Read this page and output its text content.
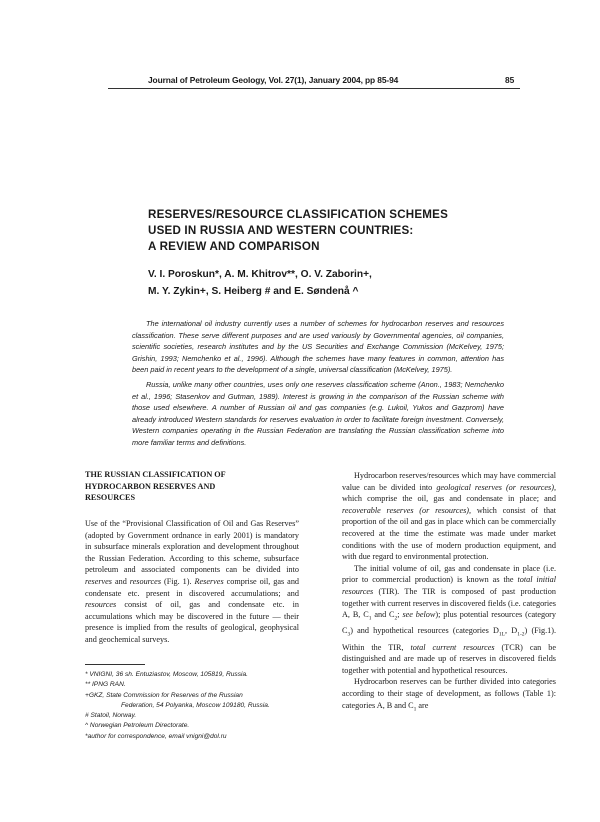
Journal of Petroleum Geology, Vol. 27(1), January 2004, pp 85-94	85
RESERVES/RESOURCE CLASSIFICATION SCHEMES
USED IN RUSSIA AND WESTERN COUNTRIES:
A REVIEW AND COMPARISON
V. I. Poroskun*, A. M. Khitrov**, O. V. Zaborin+,
M. Y. Zykin+, S. Heiberg # and E. Søndenå ^
The international oil industry currently uses a number of schemes for hydrocarbon reserves and resources classification. These serve different purposes and are used variously by Governmental agencies, oil companies, scientific societies, research institutes and by the US Securities and Exchange Commission (McKelvey, 1975; Grishin, 1993; Nemchenko et al., 1996). Although the schemes have many features in common, attention has been paid in recent years to the development of a single, universal classification (McKelvey, 1975).
Russia, unlike many other countries, uses only one reserves classification scheme (Anon., 1983; Nemchenko et al., 1996; Stasenkov and Gutman, 1989). Interest is growing in the comparison of the Russian scheme with those used elsewhere. A number of Russian oil and gas companies (e.g. Lukoil, Yukos and Gazprom) have already introduced Western standards for reserves evaluation in order to facilitate foreign investment. Conversely, Western companies operating in the Russian Federation are translating the Russian classification scheme into more familiar terms and definitions.
THE RUSSIAN CLASSIFICATION OF
HYDROCARBON RESERVES AND
RESOURCES

Use of the “Provisional Classification of Oil and Gas Reserves” (adopted by Government ordnance in early 2001) is mandatory in subsurface minerals exploration and development throughout the Russian Federation. According to this scheme, subsurface petroleum and associated components can be divided into reserves and resources (Fig. 1). Reserves comprise oil, gas and condensate etc. present in discovered accumulations; and resources consist of oil, gas and condensate etc. in accumulations which may be discovered in the future — their presence is implied from the results of geological, geophysical and geochemical surveys.

* VNIGNI, 36 sh. Entuziastov, Moscow, 105819, Russia.
** IPNG RAN.
+GKZ, State Commission for Reserves of the Russian
Federation, 54 Polyanka, Moscow 109180, Russia.
# Statoil, Norway.
^ Norwegian Petroleum Directorate.
*author for correspondence, email vnigni@dol.ru

Hydrocarbon reserves/resources which may have commercial value can be divided into geological reserves (or resources), which comprise the oil, gas and condensate in place; and recoverable reserves (or resources), which consist of that proportion of the oil and gas in place which can be commercially recovered at the time the estimate was made under market conditions with the use of modern production equipment, and with due regard to environmental protection.

The initial volume of oil, gas and condensate in place (i.e. prior to commercial production) is known as the total initial resources (TIR). The TIR is composed of past production together with current reserves in discovered fields (i.e. categories A, B, $C_1$ and $C_2$; see below); plus potential resources (category $C_3$) and hypothetical resources (categories $D_{1L}$, $D_{1-2}$) (Fig.1). Within the TIR, total current resources (TCR) can be distinguished and are made up of reserves in discovered fields together with potential and hypothetical resources.

Hydrocarbon reserves can be further divided into categories according to their stage of development, as follows (Table 1): categories A, B and $C_1$ are
